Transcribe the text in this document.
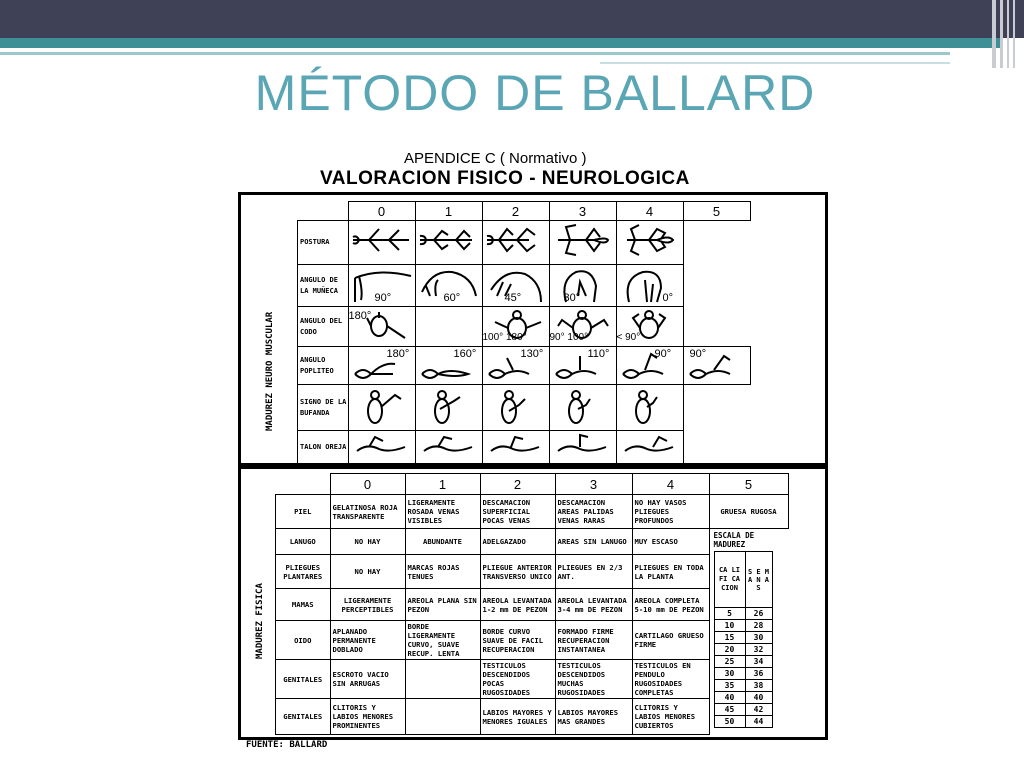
MÉTODO DE BALLARD
APENDICE C ( Normativo )
VALORACION FISICO - NEUROLOGICA
MADUREZ NEURO MUSCULAR
	0	1	2	3	4	5
POSTURA						
ANGULO DE LA MUÑECA	90°	60°	45°	30°	0°	

ANGULO DEL CODO	180°		100° 180°	90° 100°	< 90°	

ANGULO POPLITEO	180°	160°	130°	110°	90°	90°

SIGNO DE LA BUFANDA						
TALON OREJA						
MADUREZ FISICA
	0	1	2	3	4	5
PIEL	GELATINOSA ROJA TRANSPARENTE	LIGERAMENTE ROSADA VENAS VISIBLES	DESCAMACION SUPERFICIAL POCAS VENAS	DESCAMACION AREAS PALIDAS VENAS RARAS	NO HAY VASOS PLIEGUES PROFUNDOS	GRUESA RUGOSA
LANUGO	NO HAY	ABUNDANTE	ADELGAZADO	AREAS SIN LANUGO	MUY ESCASO	
ESCALA DE MADUREZ
CA LI FI CA CION	S E M A N A S
5	26
10	28
15	30
20	32
25	34
30	36
35	38
40	40
45	42
50	44

PLIEGUES PLANTARES	NO HAY	MARCAS ROJAS TENUES	PLIEGUE ANTERIOR TRANSVERSO UNICO	PLIEGUES EN 2/3 ANT.	PLIEGUES EN TODA LA PLANTA
MAMAS	LIGERAMENTE PERCEPTIBLES	AREOLA PLANA SIN PEZON	AREOLA LEVANTADA 1-2 mm DE PEZON	AREOLA LEVANTADA 3-4 mm DE PEZON	AREOLA COMPLETA 5-10 mm DE PEZON
OIDO	APLANADO PERMANENTE DOBLADO	BORDE LIGERAMENTE CURVO, SUAVE RECUP. LENTA	BORDE CURVO SUAVE DE FACIL RECUPERACION	FORMADO FIRME RECUPERACION INSTANTANEA	CARTILAGO GRUESO FIRME
GENITALES	ESCROTO VACIO SIN ARRUGAS		TESTICULOS DESCENDIDOS POCAS RUGOSIDADES	TESTICULOS DESCENDIDOS MUCHAS RUGOSIDADES	TESTICULOS EN PENDULO RUGOSIDADES COMPLETAS
GENITALES	CLITORIS Y LABIOS MENORES PROMINENTES		LABIOS MAYORES Y MENORES IGUALES	LABIOS MAYORES MAS GRANDES	CLITORIS Y LABIOS MENORES CUBIERTOS	
FUENTE: BALLARD
